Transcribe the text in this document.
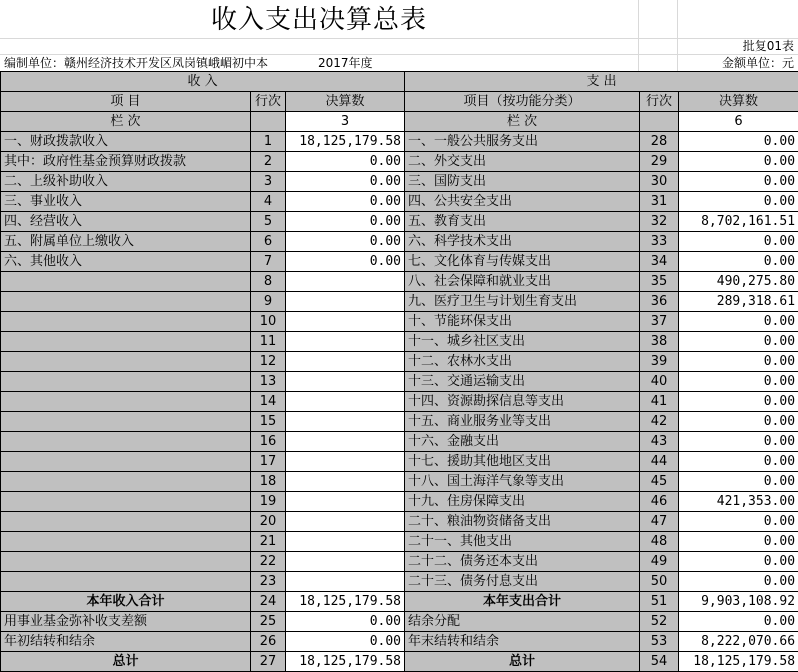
收入支出决算总表
批复01表
编制单位：赣州经济技术开发区凤岗镇峨嵋初中本	2017年度	金额单位：元
收 入			支 出		
项 目	行次	决算数	项目（按功能分类）	行次	决算数
栏 次		3	栏 次		6
一、财政拨款收入	1	18,125,179.58	一、一般公共服务支出	28	0.00
其中：政府性基金预算财政拨款	2	0.00	二、外交支出	29	0.00
二、上级补助收入	3	0.00	三、国防支出	30	0.00
三、事业收入	4	0.00	四、公共安全支出	31	0.00
四、经营收入	5	0.00	五、教育支出	32	8,702,161.51
五、附属单位上缴收入	6	0.00	六、科学技术支出	33	0.00
六、其他收入	7	0.00	七、文化体育与传媒支出	34	0.00
	8		八、社会保障和就业支出	35	490,275.80
	9		九、医疗卫生与计划生育支出	36	289,318.61
	10		十、节能环保支出	37	0.00
	11		十一、城乡社区支出	38	0.00
	12		十二、农林水支出	39	0.00
	13		十三、交通运输支出	40	0.00
	14		十四、资源勘探信息等支出	41	0.00
	15		十五、商业服务业等支出	42	0.00
	16		十六、金融支出	43	0.00
	17		十七、援助其他地区支出	44	0.00
	18		十八、国土海洋气象等支出	45	0.00
	19		十九、住房保障支出	46	421,353.00
	20		二十、粮油物资储备支出	47	0.00
	21		二十一、其他支出	48	0.00
	22		二十二、债务还本支出	49	0.00
	23		二十三、债务付息支出	50	0.00
本年收入合计	24	18,125,179.58	本年支出合计	51	9,903,108.92
用事业基金弥补收支差额	25	0.00	结余分配	52	0.00
年初结转和结余	26	0.00	年末结转和结余	53	8,222,070.66
总计	27	18,125,179.58	总计	54	18,125,179.58
